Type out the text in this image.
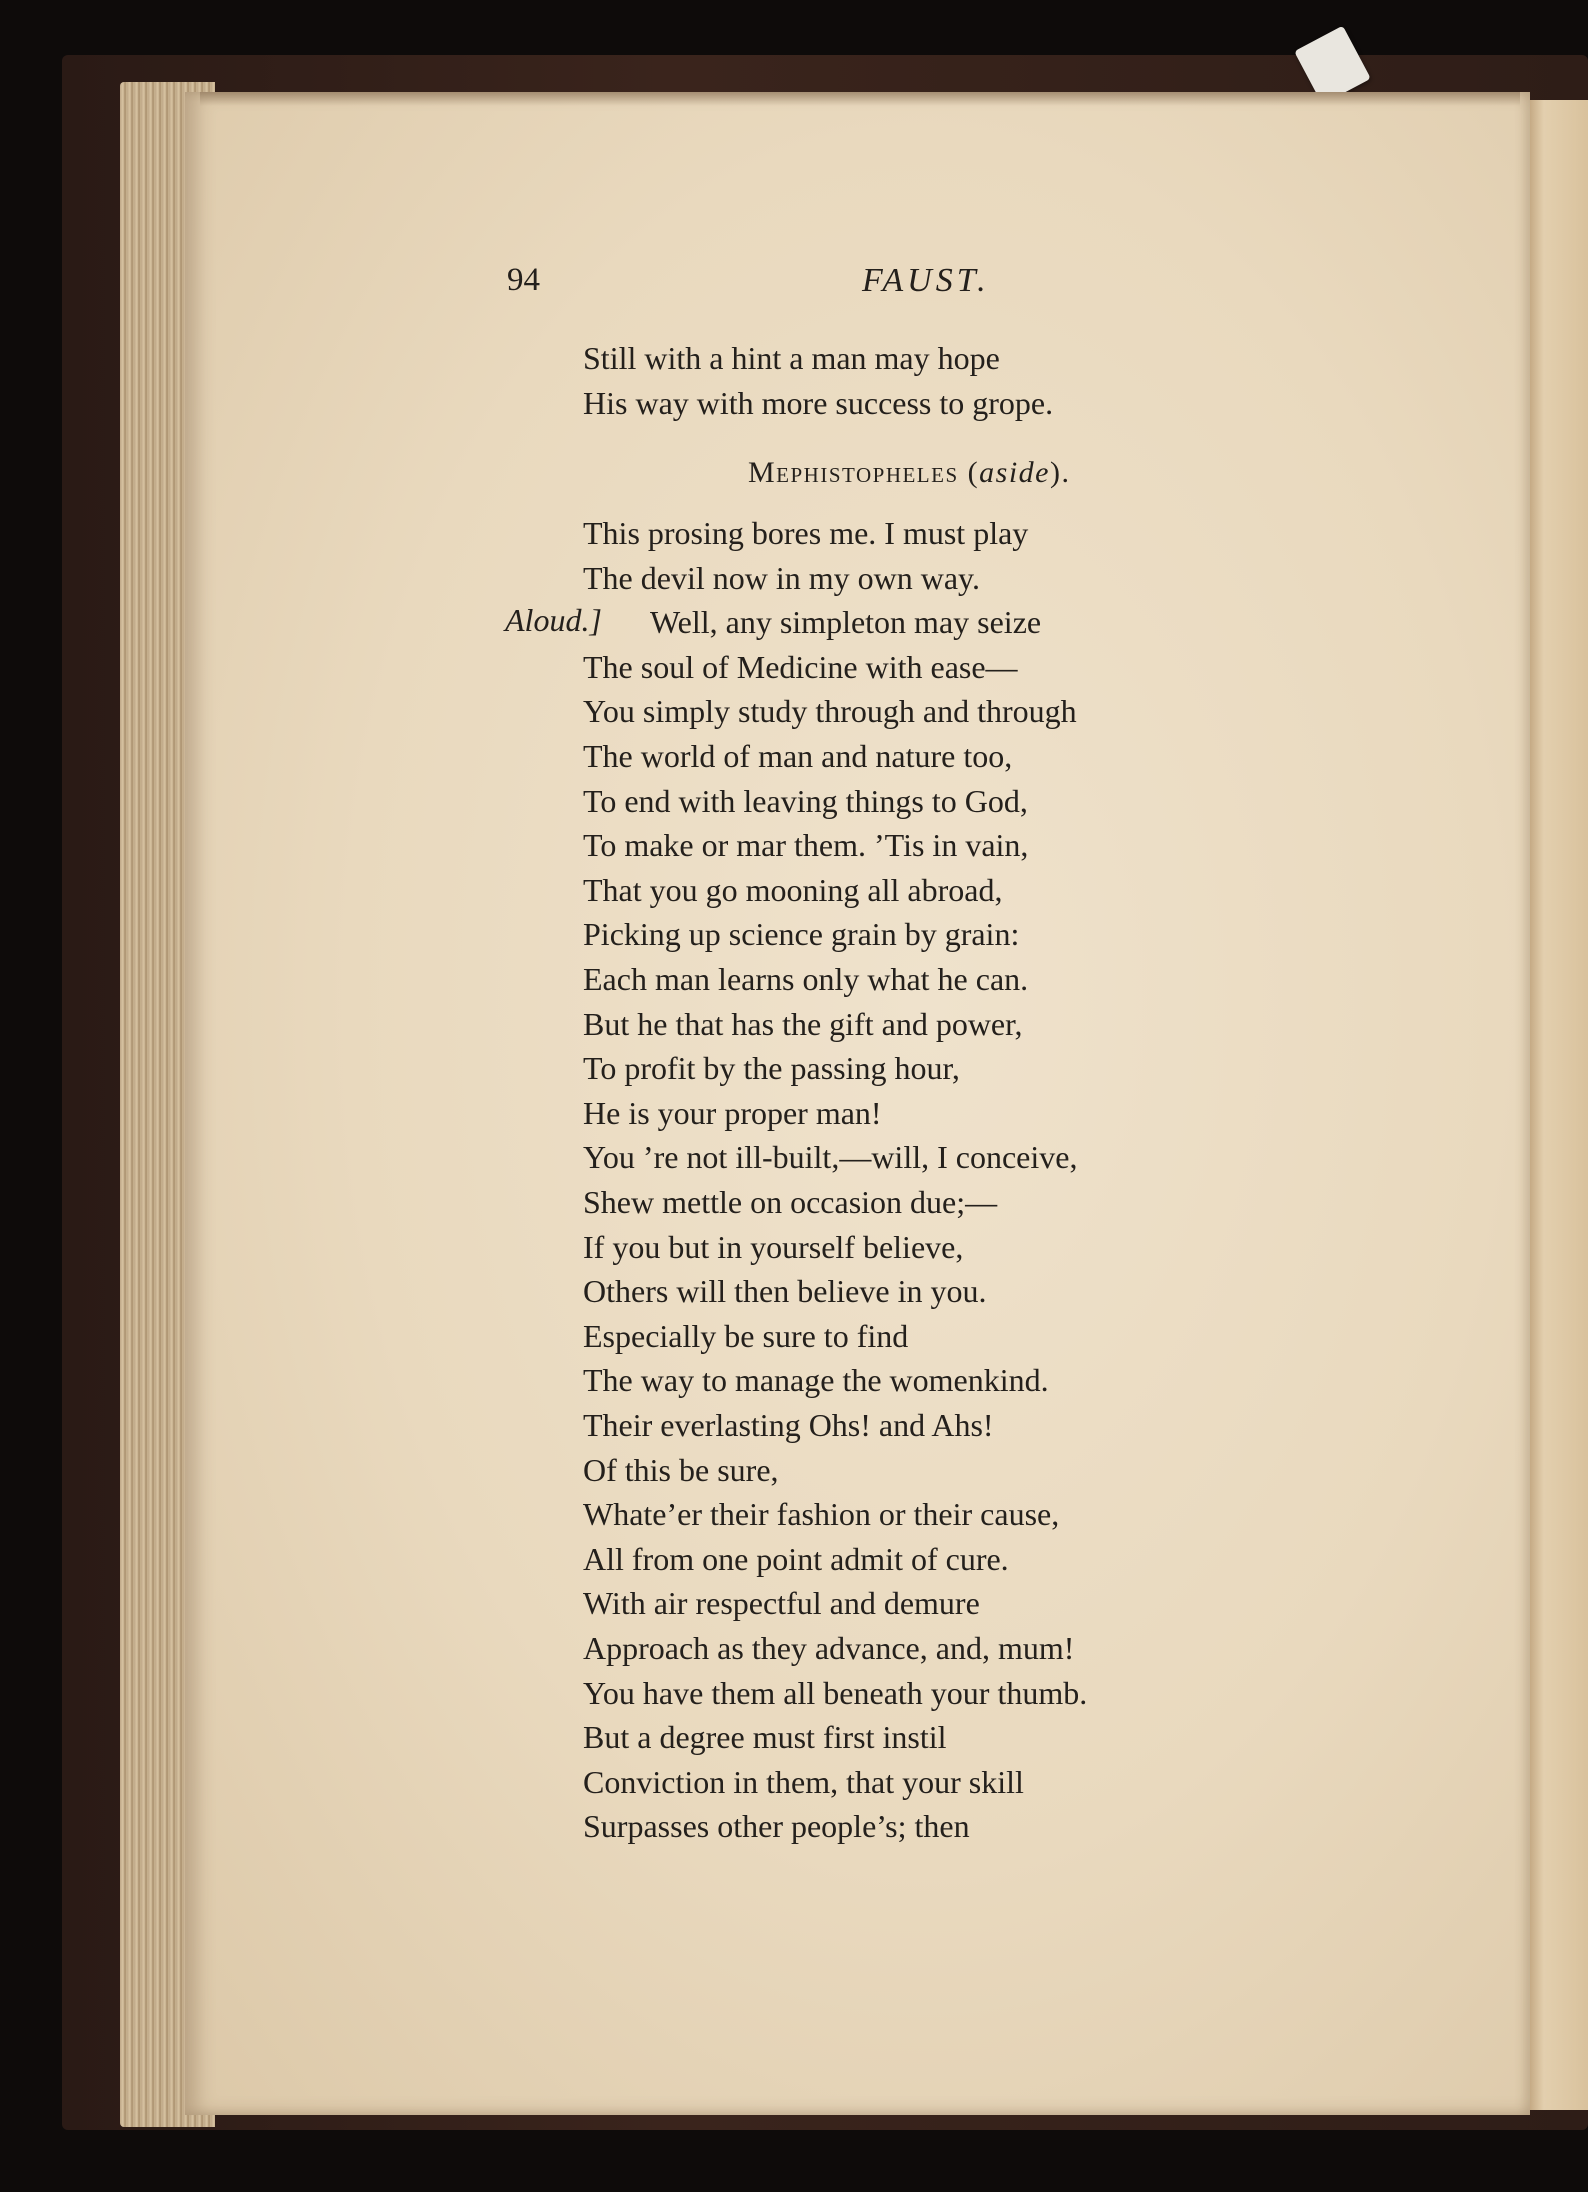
94	FAUST.
Still with a hint a man may hope
His way with more success to grope.
Mephistopheles (aside).
Aloud.]
This prosing bores me. I must play
The devil now in my own way.
Well, any simpleton may seize
The soul of Medicine with ease—
You simply study through and through
The world of man and nature too,
To end with leaving things to God,
To make or mar them. ’Tis in vain,
That you go mooning all abroad,
Picking up science grain by grain:
Each man learns only what he can.
But he that has the gift and power,
To profit by the passing hour,
He is your proper man!
You ’re not ill-built,—will, I conceive,
Shew mettle on occasion due;—
If you but in yourself believe,
Others will then believe in you.
Especially be sure to find
The way to manage the womenkind.
Their everlasting Ohs! and Ahs!
Of this be sure,
Whate’er their fashion or their cause,
All from one point admit of cure.
With air respectful and demure
Approach as they advance, and, mum!
You have them all beneath your thumb.
But a degree must first instil
Conviction in them, that your skill
Surpasses other people’s; then
